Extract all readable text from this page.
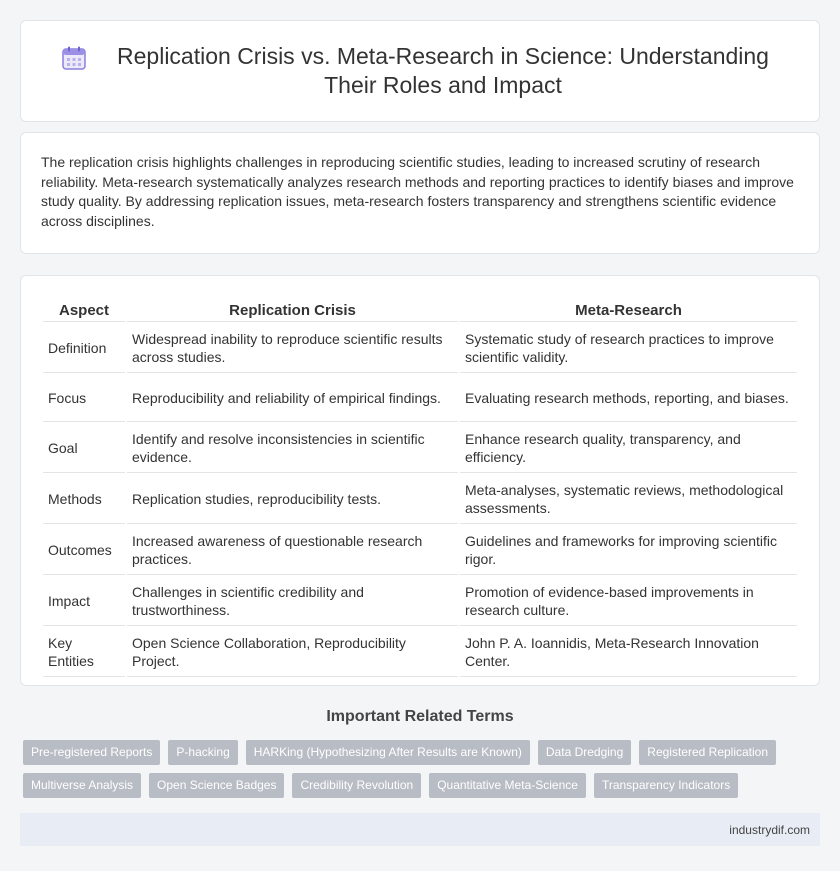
Replication Crisis vs. Meta-Research in Science: Understanding Their Roles and Impact

The replication crisis highlights challenges in reproducing scientific studies, leading to increased scrutiny of research reliability. Meta-research systematically analyzes research methods and reporting practices to identify biases and improve study quality. By addressing replication issues, meta-research fosters transparency and strengthens scientific evidence across disciplines.

Aspect	Replication Crisis	Meta-Research
Definition	Widespread inability to reproduce scientific results across studies.	Systematic study of research practices to improve scientific validity.
Focus	Reproducibility and reliability of empirical findings.	Evaluating research methods, reporting, and biases.
Goal	Identify and resolve inconsistencies in scientific evidence.	Enhance research quality, transparency, and efficiency.
Methods	Replication studies, reproducibility tests.	Meta-analyses, systematic reviews, methodological assessments.
Outcomes	Increased awareness of questionable research practices.	Guidelines and frameworks for improving scientific rigor.
Impact	Challenges in scientific credibility and trustworthiness.	Promotion of evidence-based improvements in research culture.
Key Entities	Open Science Collaboration, Reproducibility Project.	John P. A. Ioannidis, Meta-Research Innovation Center.
Important Related Terms
Pre-registered Reports	P-hacking	HARKing (Hypothesizing After Results are Known)	Data Dredging	Registered Replication
Multiverse Analysis	Open Science Badges	Credibility Revolution	Quantitative Meta-Science	Transparency Indicators
industrydif.com
